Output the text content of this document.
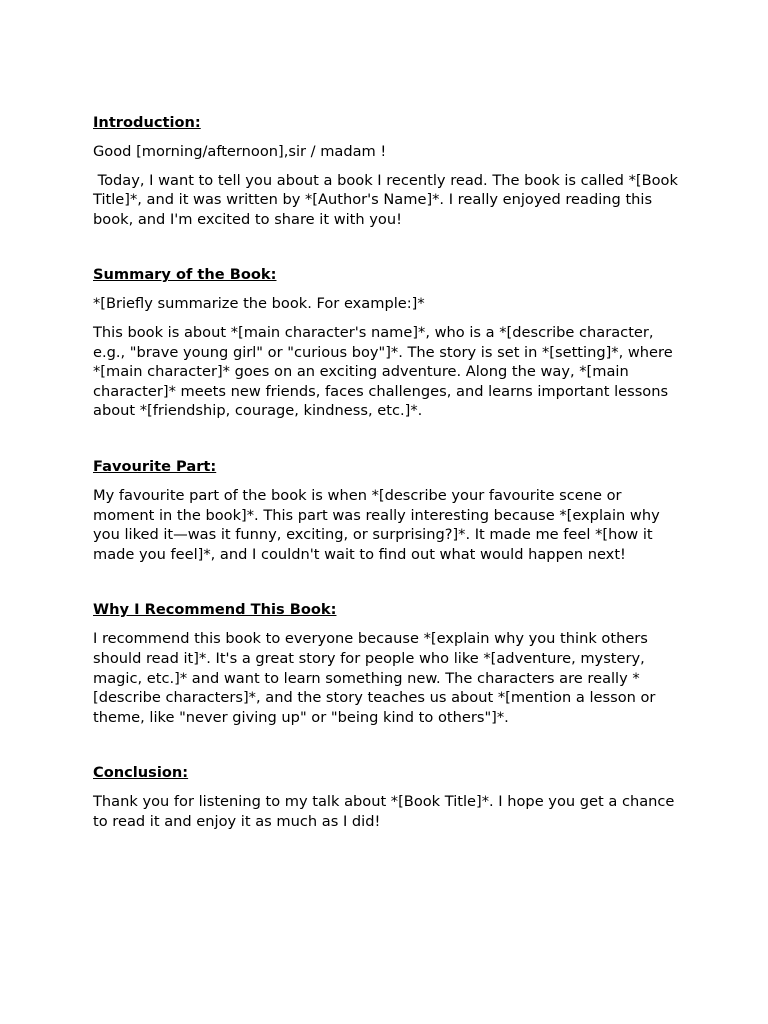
Introduction:

Good [morning/afternoon],sir / madam !

Today, I want to tell you about a book I recently read. The book is called *[Book Title]*, and it was written by *[Author's Name]*. I really enjoyed reading this book, and I'm excited to share it with you!

Summary of the Book:

*[Briefly summarize the book. For example:]*

This book is about *[main character's name]*, who is a *[describe character, e.g., "brave young girl" or "curious boy"]*. The story is set in *[setting]*, where *[main character]* goes on an exciting adventure. Along the way, *[main character]* meets new friends, faces challenges, and learns important lessons about *[friendship, courage, kindness, etc.]*.

Favourite Part:

My favourite part of the book is when *[describe your favourite scene or moment in the book]*. This part was really interesting because *[explain why you liked it—was it funny, exciting, or surprising?]*. It made me feel *[how it made you feel]*, and I couldn't wait to find out what would happen next!

Why I Recommend This Book:

I recommend this book to everyone because *[explain why you think others should read it]*. It's a great story for people who like *[adventure, mystery, magic, etc.]* and want to learn something new. The characters are really *[describe characters]*, and the story teaches us about *[mention a lesson or theme, like "never giving up" or "being kind to others"]*.

Conclusion:

Thank you for listening to my talk about *[Book Title]*. I hope you get a chance to read it and enjoy it as much as I did!
